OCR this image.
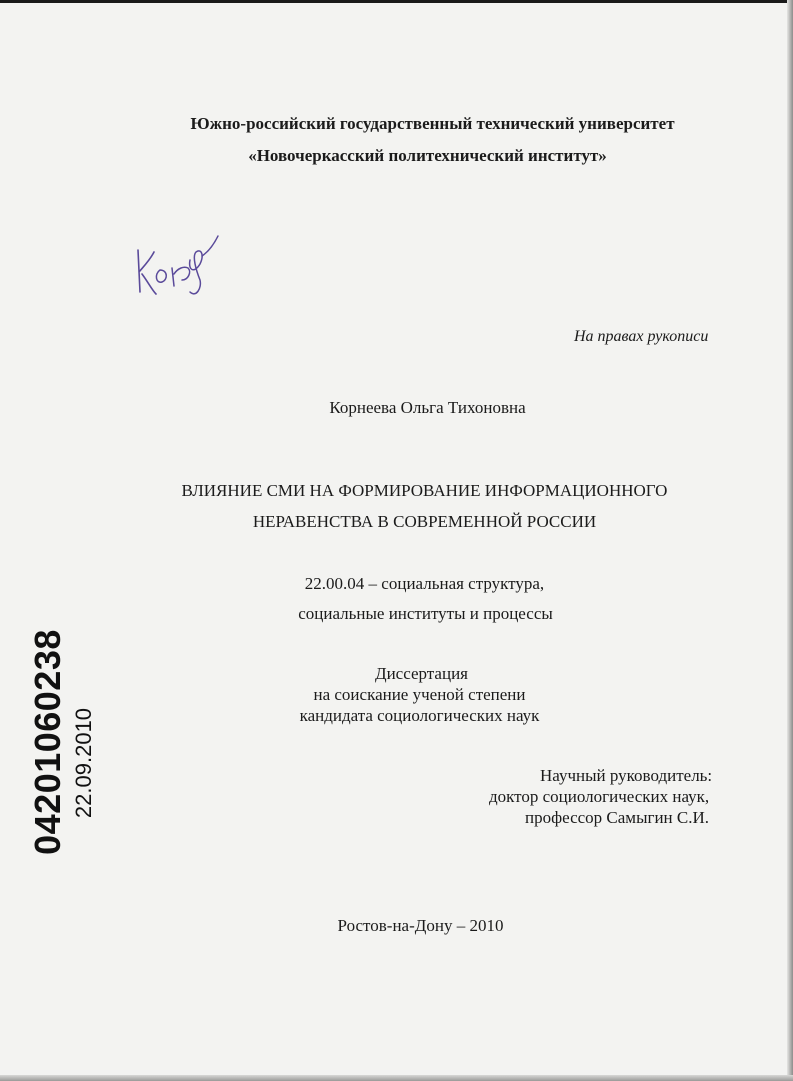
Южно-российский государственный технический университет
«Новочеркасский политехнический институт»
На правах рукописи
Корнеева Ольга Тихоновна
ВЛИЯНИЕ СМИ НА ФОРМИРОВАНИЕ ИНФОРМАЦИОННОГО
НЕРАВЕНСТВА В СОВРЕМЕННОЙ РОССИИ
22.00.04 – социальная структура,
социальные институты и процессы
Диссертация
на соискание ученой степени
кандидата социологических наук
Научный руководитель:
доктор социологических наук,
профессор Самыгин С.И.
Ростов-на-Дону – 2010
04201060238 22.09.2010
